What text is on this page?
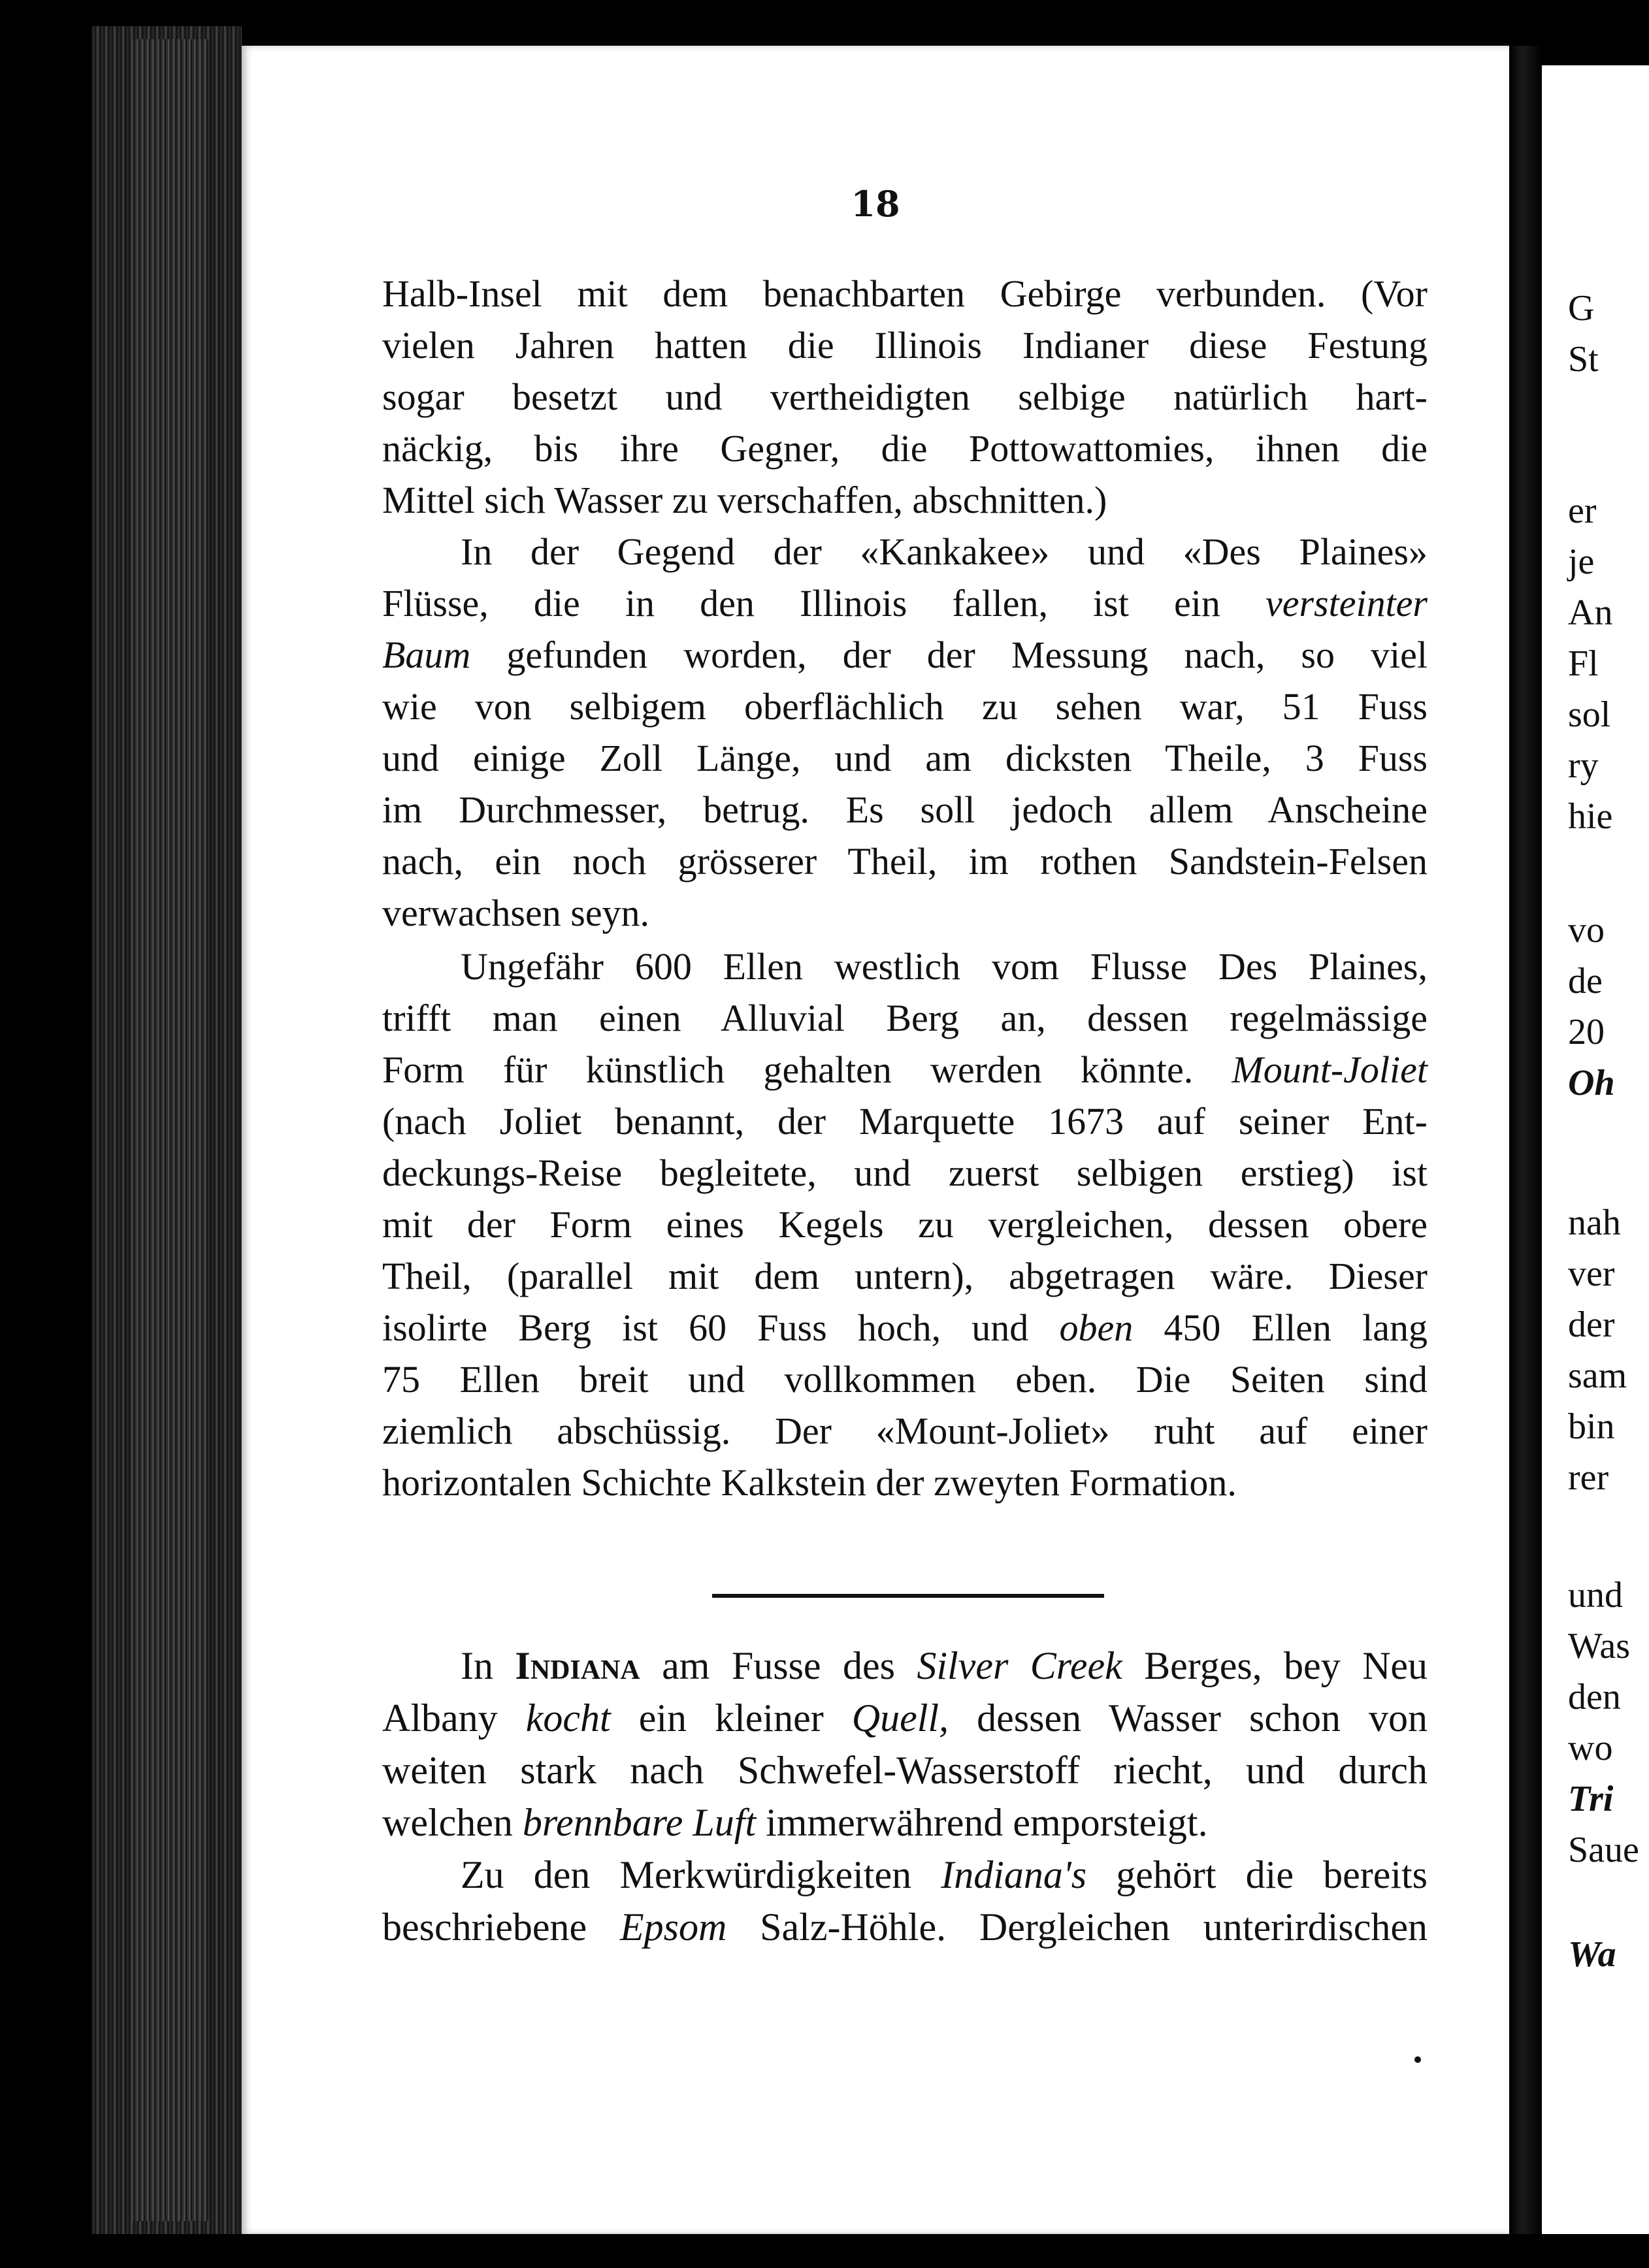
18
Halb-Insel mit dem benachbarten Gebirge verbunden. (Vor
vielen Jahren hatten die Illinois Indianer diese Festung
sogar besetzt und vertheidigten selbige natürlich hart-
näckig, bis ihre Gegner, die Pottowattomies, ihnen die
Mittel sich Wasser zu verschaffen, abschnitten.)
In der Gegend der «Kankakee» und «Des Plaines»
Flüsse, die in den Illinois fallen, ist ein versteinter
Baum gefunden worden, der der Messung nach, so viel
wie von selbigem oberflächlich zu sehen war, 51 Fuss
und einige Zoll Länge, und am dicksten Theile, 3 Fuss
im Durchmesser, betrug. Es soll jedoch allem Anscheine
nach, ein noch grösserer Theil, im rothen Sandstein-Felsen
verwachsen seyn.
Ungefähr 600 Ellen westlich vom Flusse Des Plaines,
trifft man einen Alluvial Berg an, dessen regelmässige
Form für künstlich gehalten werden könnte. Mount-Joliet
(nach Joliet benannt, der Marquette 1673 auf seiner Ent-
deckungs-Reise begleitete, und zuerst selbigen erstieg) ist
mit der Form eines Kegels zu vergleichen, dessen obere
Theil, (parallel mit dem untern), abgetragen wäre. Dieser
isolirte Berg ist 60 Fuss hoch, und oben 450 Ellen lang
75 Ellen breit und vollkommen eben. Die Seiten sind
ziemlich abschüssig. Der «Mount-Joliet» ruht auf einer
horizontalen Schichte Kalkstein der zweyten Formation.
In Indiana am Fusse des Silver Creek Berges, bey Neu
Albany kocht ein kleiner Quell, dessen Wasser schon von
weiten stark nach Schwefel-Wasserstoff riecht, und durch
welchen brennbare Luft immerwährend emporsteigt.
Zu den Merkwürdigkeiten Indiana's gehört die bereits
beschriebene Epsom Salz-Höhle. Dergleichen unterirdischen
G
St
er
je
An
Fl
sol
ry
hie
vo
de
20
Oh
nah
ver
der
sam
bin
rer
und
Was
den
wo
Tri
Saue
Wa
